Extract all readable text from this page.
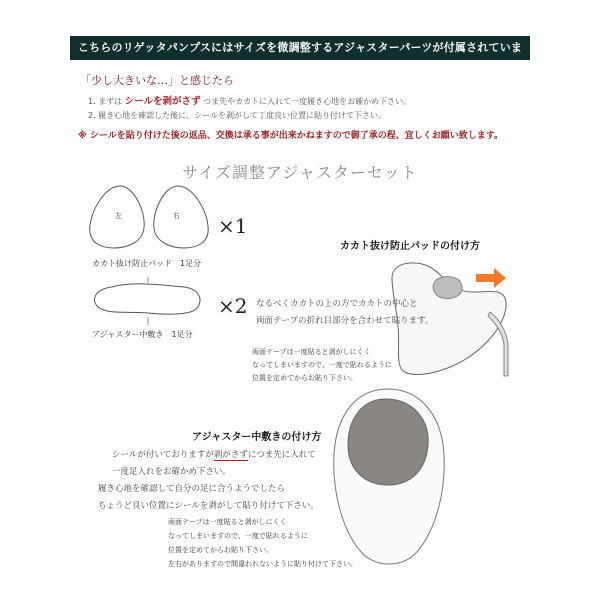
こちらのリゲッタパンプスにはサイズを微調整するアジャスターパーツが付属されています。
「少し大きいな…」と感じたら
1. まずは シールを剥がさず つま先やカカトに入れて一度履き心地をお確かめ下さい。
2. 履き心地を確認した後に、シールを剥がして丁度良い位置に貼り付けて下さい。
※ シールを貼り付けた後の返品、交換は承る事が出来かねますので御了承の程、宜しくお願い致します。
サイズ調整アジャスターセット
左	右 ×1
カカト抜け防止パッド　1足分
×2
アジャスター中敷き　1足分
カカト抜け防止パッドの付け方
なるべくカカトの上の方でカカトの中心と
両面テープの折れ目部分を合わせて貼ります。
両面テープは一度貼ると剥がしにくく
なってしまいますので、一度で貼れるように
位置を定めてからお貼り下さい。
アジャスター中敷きの付け方
シールが付いておりますが剥がさずにつま先に入れて
一度足入れをお確かめ下さい。
履き心地を確認して自分の足に合うようでしたら
ちょうど良い位置にシールを剥がして貼り付けて下さい。
両面テープは一度貼ると剥がしにくく
なってしまいますので、一度で貼れるように
位置を定めてからお貼り下さい。
左右がありますので間違われないように貼り付けて下さい。
